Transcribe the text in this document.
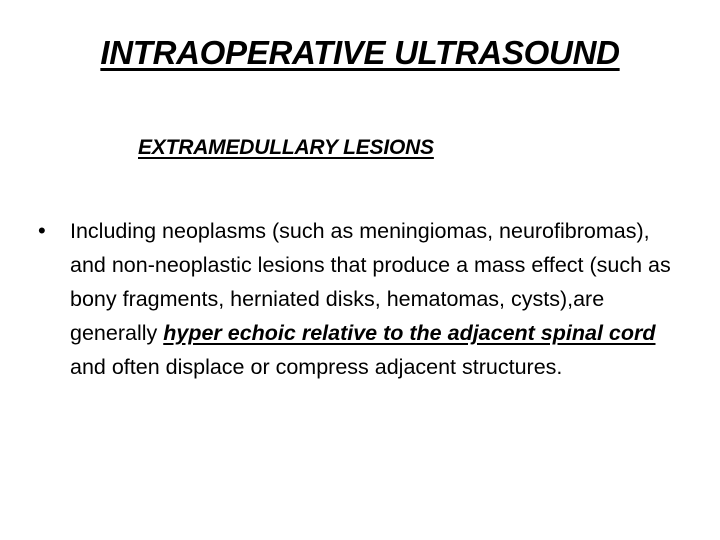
INTRAOPERATIVE ULTRASOUND
EXTRAMEDULLARY LESIONS
• Including neoplasms (such as meningiomas, neurofibromas), and non-neoplastic lesions that produce a mass effect (such as bony fragments, herniated disks, hematomas, cysts),are generally hyper echoic relative to the adjacent spinal cord and often displace or compress adjacent structures.
